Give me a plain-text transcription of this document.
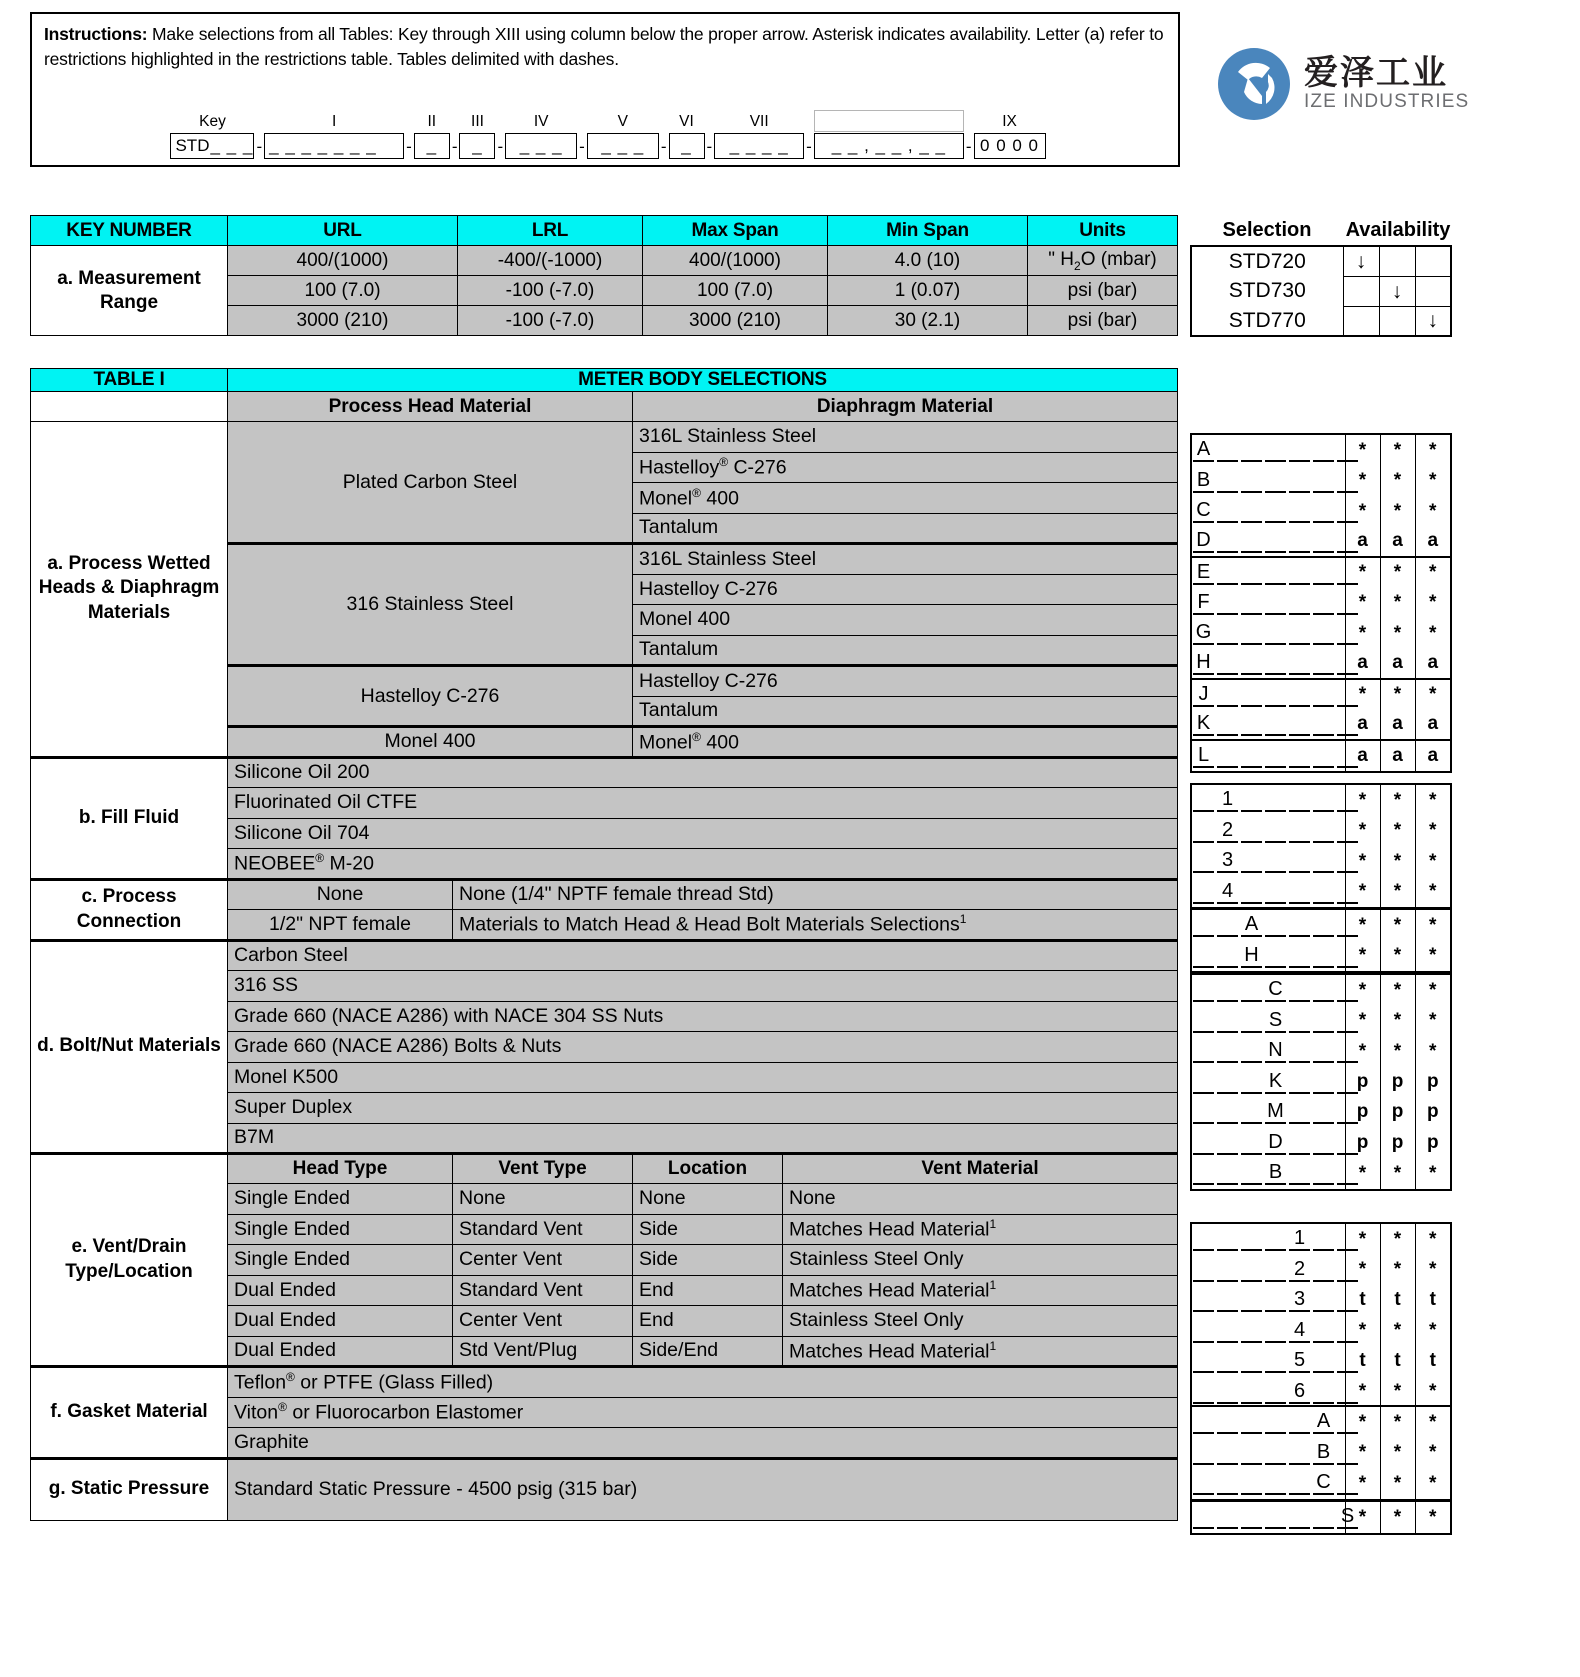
Instructions: Make selections from all Tables: Key through XIII using column below the proper arrow. Asterisk indicates availability. Letter (a) refer to restrictions highlighted in the restrictions table. Tables delimited with dashes.
Key
STD _ _ _ -
I
_ _ _ _ _ _ _ -
II
_ -
III
_ -
IV
_ _ _ -
V
_ _ _ -
VI
_ -
VII
_ _ _ _ - _ _ , _ _ , _ _ -
IX
0 0 0 0
爱泽工业
IZE INDUSTRIES
KEY NUMBER	URL	LRL	Max Span	Min Span	Units
a. Measurement Range	400/(1000)	-400/(-1000)	400/(1000)	4.0 (10)	" $H_2O$ (mbar)
	100 (7.0)	-100 (-7.0)	100 (7.0)	1 (0.07)	psi (bar)
	3000 (210)	-100 (-7.0)	3000 (210)	30 (2.1)	psi (bar)
Selection	Availability
STD720	↓		
STD730		↓	
STD770			↓
TABLE I	METER BODY SELECTIONS			
	Process Head Material		Diaphragm Material	
a. Process Wetted Heads & Diaphragm Materials	Plated Carbon Steel		316L Stainless Steel	
			Hastelloy® C-276	
			Monel® 400	
			Tantalum	
	316 Stainless Steel		316L Stainless Steel	
			Hastelloy C-276	
			Monel 400	
			Tantalum	
	Hastelloy C-276		Hastelloy C-276	
			Tantalum	
	Monel 400		Monel® 400	
b. Fill Fluid	Silicone Oil 200			
	Fluorinated Oil CTFE			
	Silicone Oil 704			
	NEOBEE® M-20			
c. Process Connection	None	None (1/4" NPTF female thread Std)		
	1/2" NPT female	Materials to Match Head & Head Bolt Materials Selections$^1$
d. Bolt/Nut Materials	Carbon Steel			
	316 SS			
	Grade 660 (NACE A286) with NACE 304 SS Nuts			
	Grade 660 (NACE A286) Bolts & Nuts			
	Monel K500			
	Super Duplex			
	B7M			
e. Vent/Drain Type/Location	Head Type	Vent Type	Location	Vent Material
	Single Ended	None	None	None
	Single Ended	Standard Vent	Side	Matches Head Material$^1$
	Single Ended	Center Vent	Side	Stainless Steel Only
	Dual Ended	Standard Vent	End	Matches Head Material$^1$
	Dual Ended	Center Vent	End	Stainless Steel Only
	Dual Ended	Std Vent/Plug	Side/End	Matches Head Material$^1$
f. Gasket Material	Teflon® or PTFE (Glass Filled)			
	Viton® or Fluorocarbon Elastomer			
	Graphite			
g. Static Pressure	Standard Static Pressure - 4500 psig (315 bar)			
A	*	*	*

B	*	*	*

C	*	*	*

D	a	a	a

E	*	*	*

F	*	*	*

G	*	*	*

H	a	a	a

J	*	*	*

K	a	a	a

L	a	a	a

1	*	*	*

2	*	*	*

3	*	*	*

4	*	*	*

A	*	*	*

H	*	*	*

C	*	*	*

S	*	*	*

N	*	*	*

K	p	p	p

M	p	p	p

D	p	p	p

B	*	*	*

1	*	*	*

2	*	*	*

3	t	t	t

4	*	*	*

5	t	t	t

6	*	*	*

A	*	*	*

B	*	*	*

C	*	*	*

S	*	*	*
